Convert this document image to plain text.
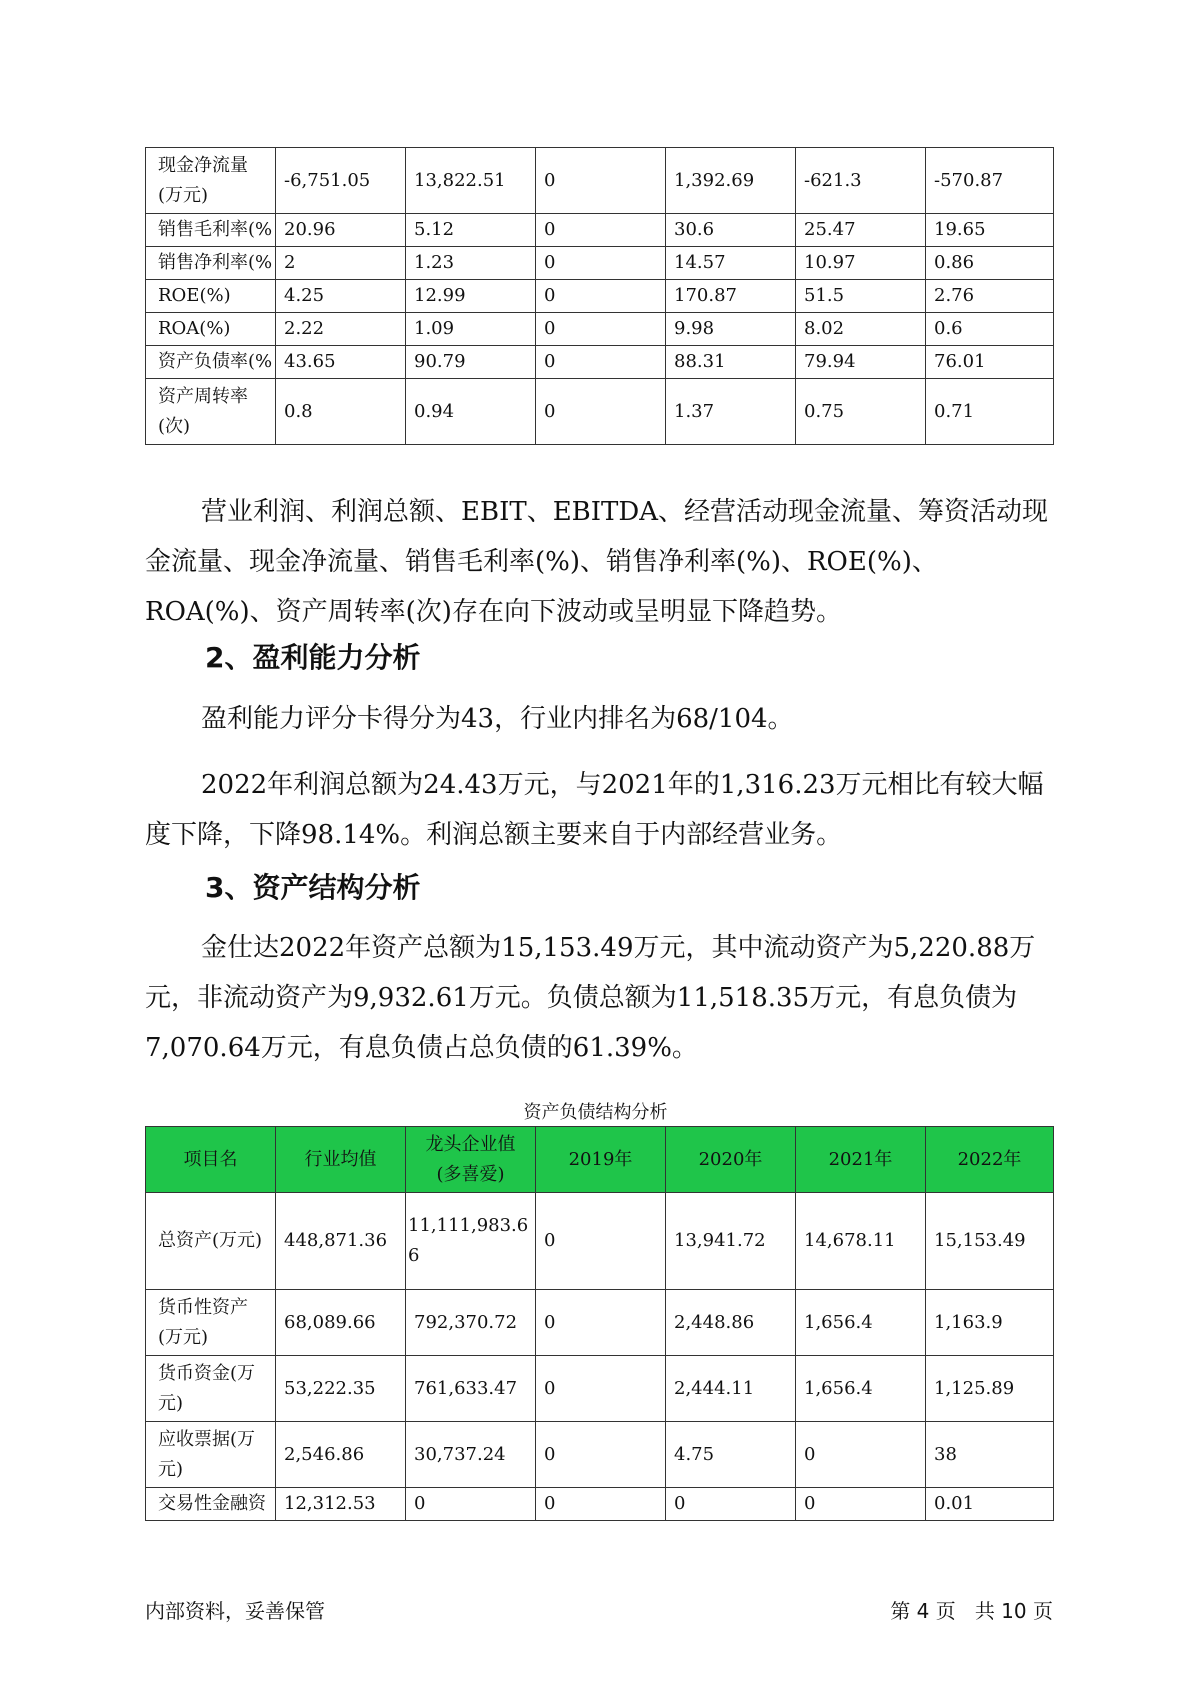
现金净流量(万元)	-6,751.05	13,822.51	0	1,392.69	-621.3	-570.87
销售毛利率(%	20.96	5.12	0	30.6	25.47	19.65
销售净利率(%	2	1.23	0	14.57	10.97	0.86
ROE(%)	4.25	12.99	0	170.87	51.5	2.76
ROA(%)	2.22	1.09	0	9.98	8.02	0.6
资产负债率(%	43.65	90.79	0	88.31	79.94	76.01
资产周转率(次)	0.8	0.94	0	1.37	0.75	0.71

营业利润、利润总额、EBIT、EBITDA、经营活动现金流量、筹资活动现金流量、现金净流量、销售毛利率(%)、销售净利率(%)、ROE(%)、ROA(%)、资产周转率(次)存在向下波动或呈明显下降趋势。

2、盈利能力分析

盈利能力评分卡得分为43，行业内排名为68/104。

2022年利润总额为24.43万元，与2021年的1,316.23万元相比有较大幅度下降，下降98.14%。利润总额主要来自于内部经营业务。

3、资产结构分析

金仕达2022年资产总额为15,153.49万元，其中流动资产为5,220.88万元，非流动资产为9,932.61万元。负债总额为11,518.35万元，有息负债为7,070.64万元，有息负债占总负债的61.39%。

资产负债结构分析
项目名	行业均值	龙头企业值(多喜爱)	2019年	2020年	2021年	2022年
总资产(万元)	448,871.36	11,111,983.66	0	13,941.72	14,678.11	15,153.49
货币性资产(万元)	68,089.66	792,370.72	0	2,448.86	1,656.4	1,163.9
货币资金(万元)	53,222.35	761,633.47	0	2,444.11	1,656.4	1,125.89
应收票据(万元)	2,546.86	30,737.24	0	4.75	0	38
交易性金融资	12,312.53	0	0	0	0	0.01
内部资料，妥善保管	第 4 页   共 10 页
